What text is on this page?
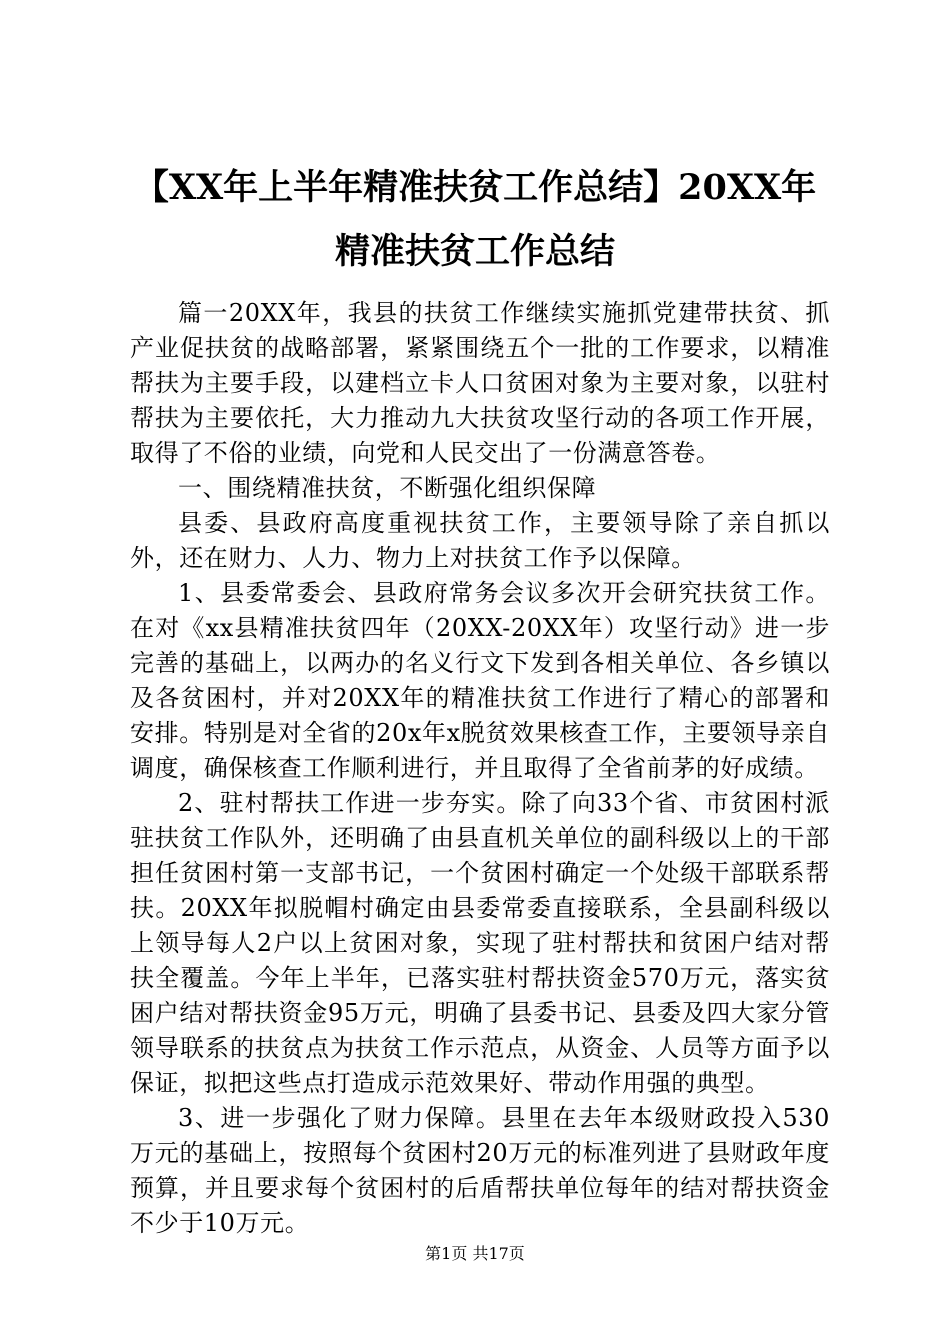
【XX年上半年精准扶贫工作总结】20XX年精准扶贫工作总结

篇一20XX年，我县的扶贫工作继续实施抓党建带扶贫、抓产业促扶贫的战略部署，紧紧围绕五个一批的工作要求，以精准帮扶为主要手段，以建档立卡人口贫困对象为主要对象，以驻村帮扶为主要依托，大力推动九大扶贫攻坚行动的各项工作开展，取得了不俗的业绩，向党和人民交出了一份满意答卷。

一、围绕精准扶贫，不断强化组织保障

县委、县政府高度重视扶贫工作，主要领导除了亲自抓以外，还在财力、人力、物力上对扶贫工作予以保障。

1、县委常委会、县政府常务会议多次开会研究扶贫工作。在对《xx县精准扶贫四年（20XX-20XX年）攻坚行动》进一步完善的基础上，以两办的名义行文下发到各相关单位、各乡镇以及各贫困村，并对20XX年的精准扶贫工作进行了精心的部署和安排。特别是对全省的20x年x脱贫效果核查工作，主要领导亲自调度，确保核查工作顺利进行，并且取得了全省前茅的好成绩。

2、驻村帮扶工作进一步夯实。除了向33个省、市贫困村派驻扶贫工作队外，还明确了由县直机关单位的副科级以上的干部担任贫困村第一支部书记，一个贫困村确定一个处级干部联系帮扶。20XX年拟脱帽村确定由县委常委直接联系，全县副科级以上领导每人2户以上贫困对象，实现了驻村帮扶和贫困户结对帮扶全覆盖。今年上半年，已落实驻村帮扶资金570万元，落实贫困户结对帮扶资金95万元，明确了县委书记、县委及四大家分管领导联系的扶贫点为扶贫工作示范点，从资金、人员等方面予以保证，拟把这些点打造成示范效果好、带动作用强的典型。

3、进一步强化了财力保障。县里在去年本级财政投入530万元的基础上，按照每个贫困村20万元的标准列进了县财政年度预算，并且要求每个贫困村的后盾帮扶单位每年的结对帮扶资金不少于10万元。

第1页 共17页
